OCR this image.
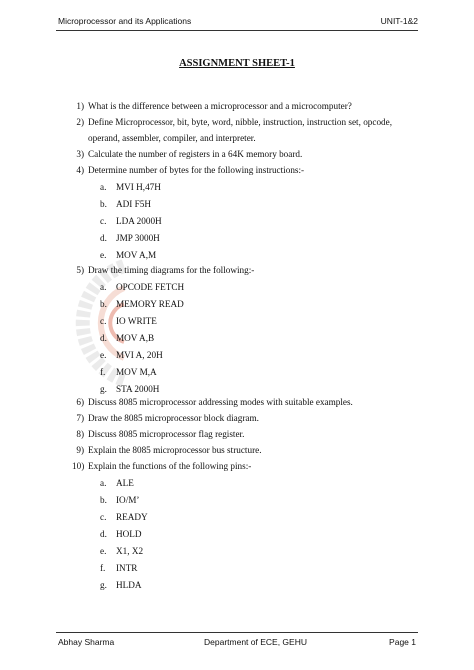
Microprocessor and its Applications	UNIT-1&2
ASSIGNMENT SHEET-1
1) What is the difference between a microprocessor and a microcomputer?
2) Define Microprocessor, bit, byte, word, nibble, instruction, instruction set, opcode,
operand, assembler, compiler, and interpreter.
3) Calculate the number of registers in a 64K memory board.
4) Determine number of bytes for the following instructions:-
a.	MVI H,47H
b. ADI F5H
c.	LDA 2000H
d. JMP 3000H
e.	MOV A,M
5) Draw the timing diagrams for the following:-
a.	OPCODE FETCH
b. MEMORY READ
c.	IO WRITE
d. MOV A,B
e.	MVI A, 20H
f.	MOV M,A
g. STA 2000H
6) Discuss 8085 microprocessor addressing modes with suitable examples.
7) Draw the 8085 microprocessor block diagram.
8) Discuss 8085 microprocessor flag register.
9) Explain the 8085 microprocessor bus structure.
10) Explain the functions of the following pins:-
a.	ALE
b. IO/M’
c.	READY
d. HOLD
e.	X1, X2
f.	INTR
g. HLDA
Abhay Sharma	Department of ECE, GEHU	Page 1
